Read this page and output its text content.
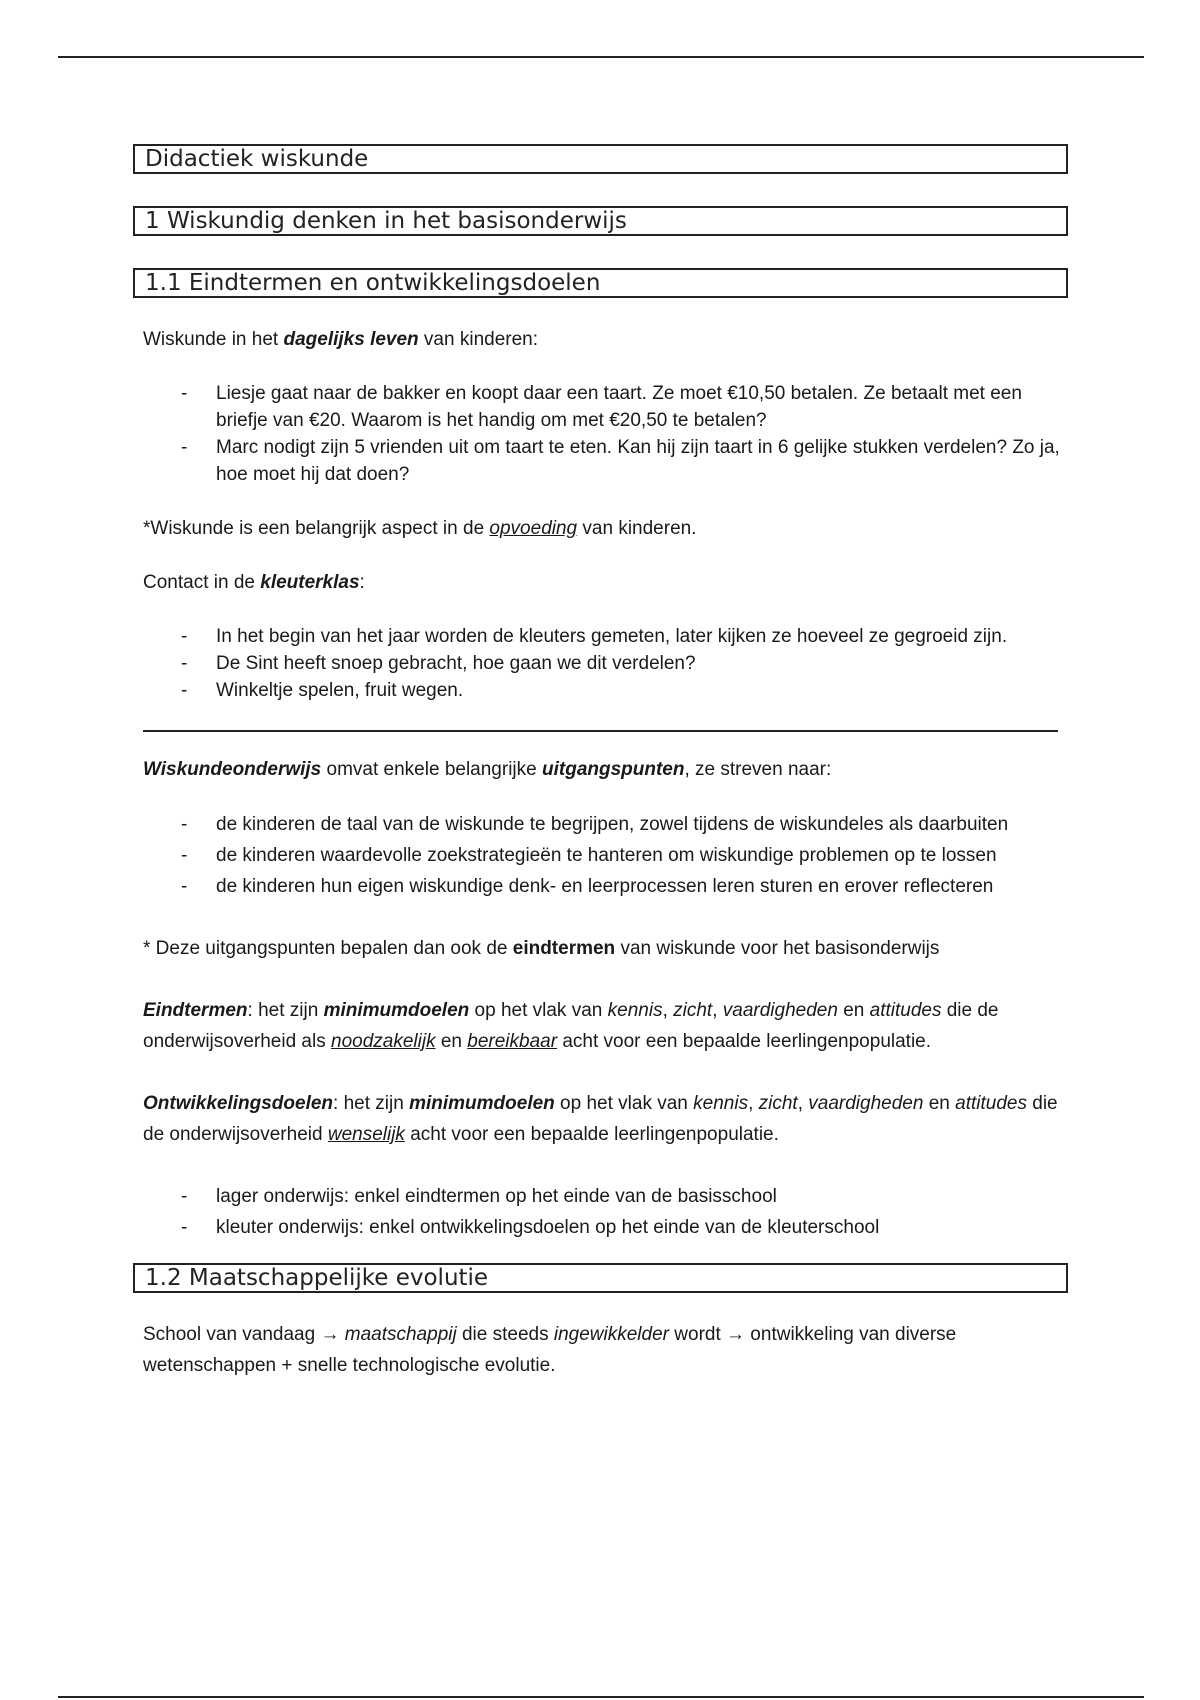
Didactiek wiskunde
1 Wiskundig denken in het basisonderwijs
1.1 Eindtermen en ontwikkelingsdoelen

Wiskunde in het dagelijks leven van kinderen:

- Liesje gaat naar de bakker en koopt daar een taart. Ze moet €10,50 betalen. Ze betaalt met een briefje van €20. Waarom is het handig om met €20,50 te betalen?
- Marc nodigt zijn 5 vrienden uit om taart te eten. Kan hij zijn taart in 6 gelijke stukken verdelen? Zo ja, hoe moet hij dat doen?

*Wiskunde is een belangrijk aspect in de opvoeding van kinderen.

Contact in de kleuterklas:

- In het begin van het jaar worden de kleuters gemeten, later kijken ze hoeveel ze gegroeid zijn.
- De Sint heeft snoep gebracht, hoe gaan we dit verdelen?
- Winkeltje spelen, fruit wegen.

Wiskundeonderwijs omvat enkele belangrijke uitgangspunten, ze streven naar:

- de kinderen de taal van de wiskunde te begrijpen, zowel tijdens de wiskundeles als daarbuiten
- de kinderen waardevolle zoekstrategieën te hanteren om wiskundige problemen op te lossen
- de kinderen hun eigen wiskundige denk- en leerprocessen leren sturen en erover reflecteren

* Deze uitgangspunten bepalen dan ook de eindtermen van wiskunde voor het basisonderwijs

Eindtermen: het zijn minimumdoelen op het vlak van kennis, zicht, vaardigheden en attitudes die de onderwijsoverheid als noodzakelijk en bereikbaar acht voor een bepaalde leerlingenpopulatie.

Ontwikkelingsdoelen: het zijn minimumdoelen op het vlak van kennis, zicht, vaardigheden en attitudes die de onderwijsoverheid wenselijk acht voor een bepaalde leerlingenpopulatie.

- lager onderwijs: enkel eindtermen op het einde van de basisschool
- kleuter onderwijs: enkel ontwikkelingsdoelen op het einde van de kleuterschool
1.2 Maatschappelijke evolutie

School van vandaag → maatschappij die steeds ingewikkelder wordt → ontwikkeling van diverse wetenschappen + snelle technologische evolutie.
